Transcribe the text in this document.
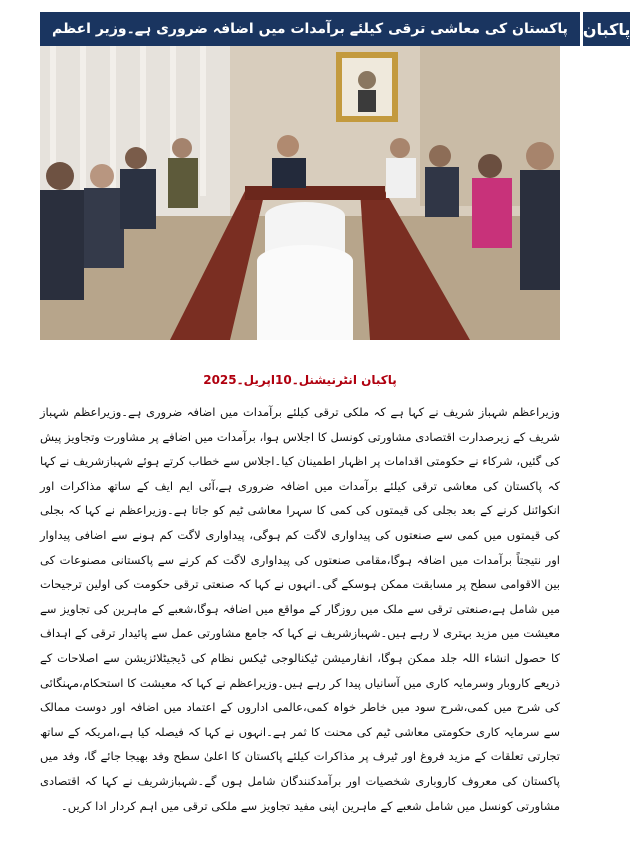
پاکستان کی معاشی ترقی کیلئے برآمدات میں اضافہ ضروری ہے۔وزیر اعظم پاکبان
پاکبان انٹرنیشنل۔10اپریل۔2025
وزیراعظم شہباز شریف نے کہا ہے کہ ملکی ترقی کیلئے برآمدات میں اضافہ ضروری ہے۔وزیراعظم شہباز شریف کے زیرصدارت اقتصادی مشاورتی کونسل کا اجلاس ہوا، برآمدات میں اضافے پر مشاورت وتجاویز پیش کی گئیں، شرکاء نے حکومتی اقدامات پر اظہار اطمینان کیا۔اجلاس سے خطاب کرتے ہوئے شہبازشریف نے کہا کہ پاکستان کی معاشی ترقی کیلئے برآمدات میں اضافہ ضروری ہے،آئی ایم ایف کے ساتھ مذاکرات اور انکوائنل کرنے کے بعد بجلی کی قیمتوں کی کمی کا سہرا معاشی ٹیم کو جاتا ہے۔وزیراعظم نے کہا کہ بجلی کی قیمتوں میں کمی سے صنعتوں کی پیداواری لاگت کم ہوگی، پیداواری لاگت کم ہونے سے اضافی پیداوار اور نتیجتاً برآمدات میں اضافہ ہوگا،مقامی صنعتوں کی پیداواری لاگت کم کرنے سے پاکستانی مصنوعات کی بین الاقوامی سطح پر مسابقت ممکن ہوسکے گی۔انہوں نے کہا کہ صنعتی ترقی حکومت کی اولین ترجیحات میں شامل ہے،صنعتی ترقی سے ملک میں روزگار کے مواقع میں اضافہ ہوگا،شعبے کے ماہرین کی تجاویز سے معیشت میں مزید بہتری لا رہے ہیں۔شہبازشریف نے کہا کہ جامع مشاورتی عمل سے پائیدار ترقی کے اہداف کا حصول انشاء اللہ جلد ممکن ہوگا، انفارمیشن ٹیکنالوجی ٹیکس نظام کی ڈیجیٹلائزیشن سے اصلاحات کے ذریعے کاروبار وسرمایہ کاری میں آسانیاں پیدا کر رہے ہیں۔وزیراعظم نے کہا کہ معیشت کا استحکام،مہنگائی کی شرح میں کمی،شرح سود میں خاطر خواہ کمی،عالمی اداروں کے اعتماد میں اضافہ اور دوست ممالک سے سرمایہ کاری حکومتی معاشی ٹیم کی محنت کا ثمر ہے۔انہوں نے کہا کہ فیصلہ کیا ہے،امریکہ کے ساتھ تجارتی تعلقات کے مزید فروغ اور ٹیرف پر مذاکرات کیلئے پاکستان کا اعلیٰ سطح وفد بھیجا جائے گا، وفد میں پاکستان کی معروف کاروباری شخصیات اور برآمدکنندگان شامل ہوں گے۔شہبازشریف نے کہا کہ اقتصادی مشاورتی کونسل میں شامل شعبے کے ماہرین اپنی مفید تجاویز سے ملکی ترقی میں اہم کردار ادا کریں۔
